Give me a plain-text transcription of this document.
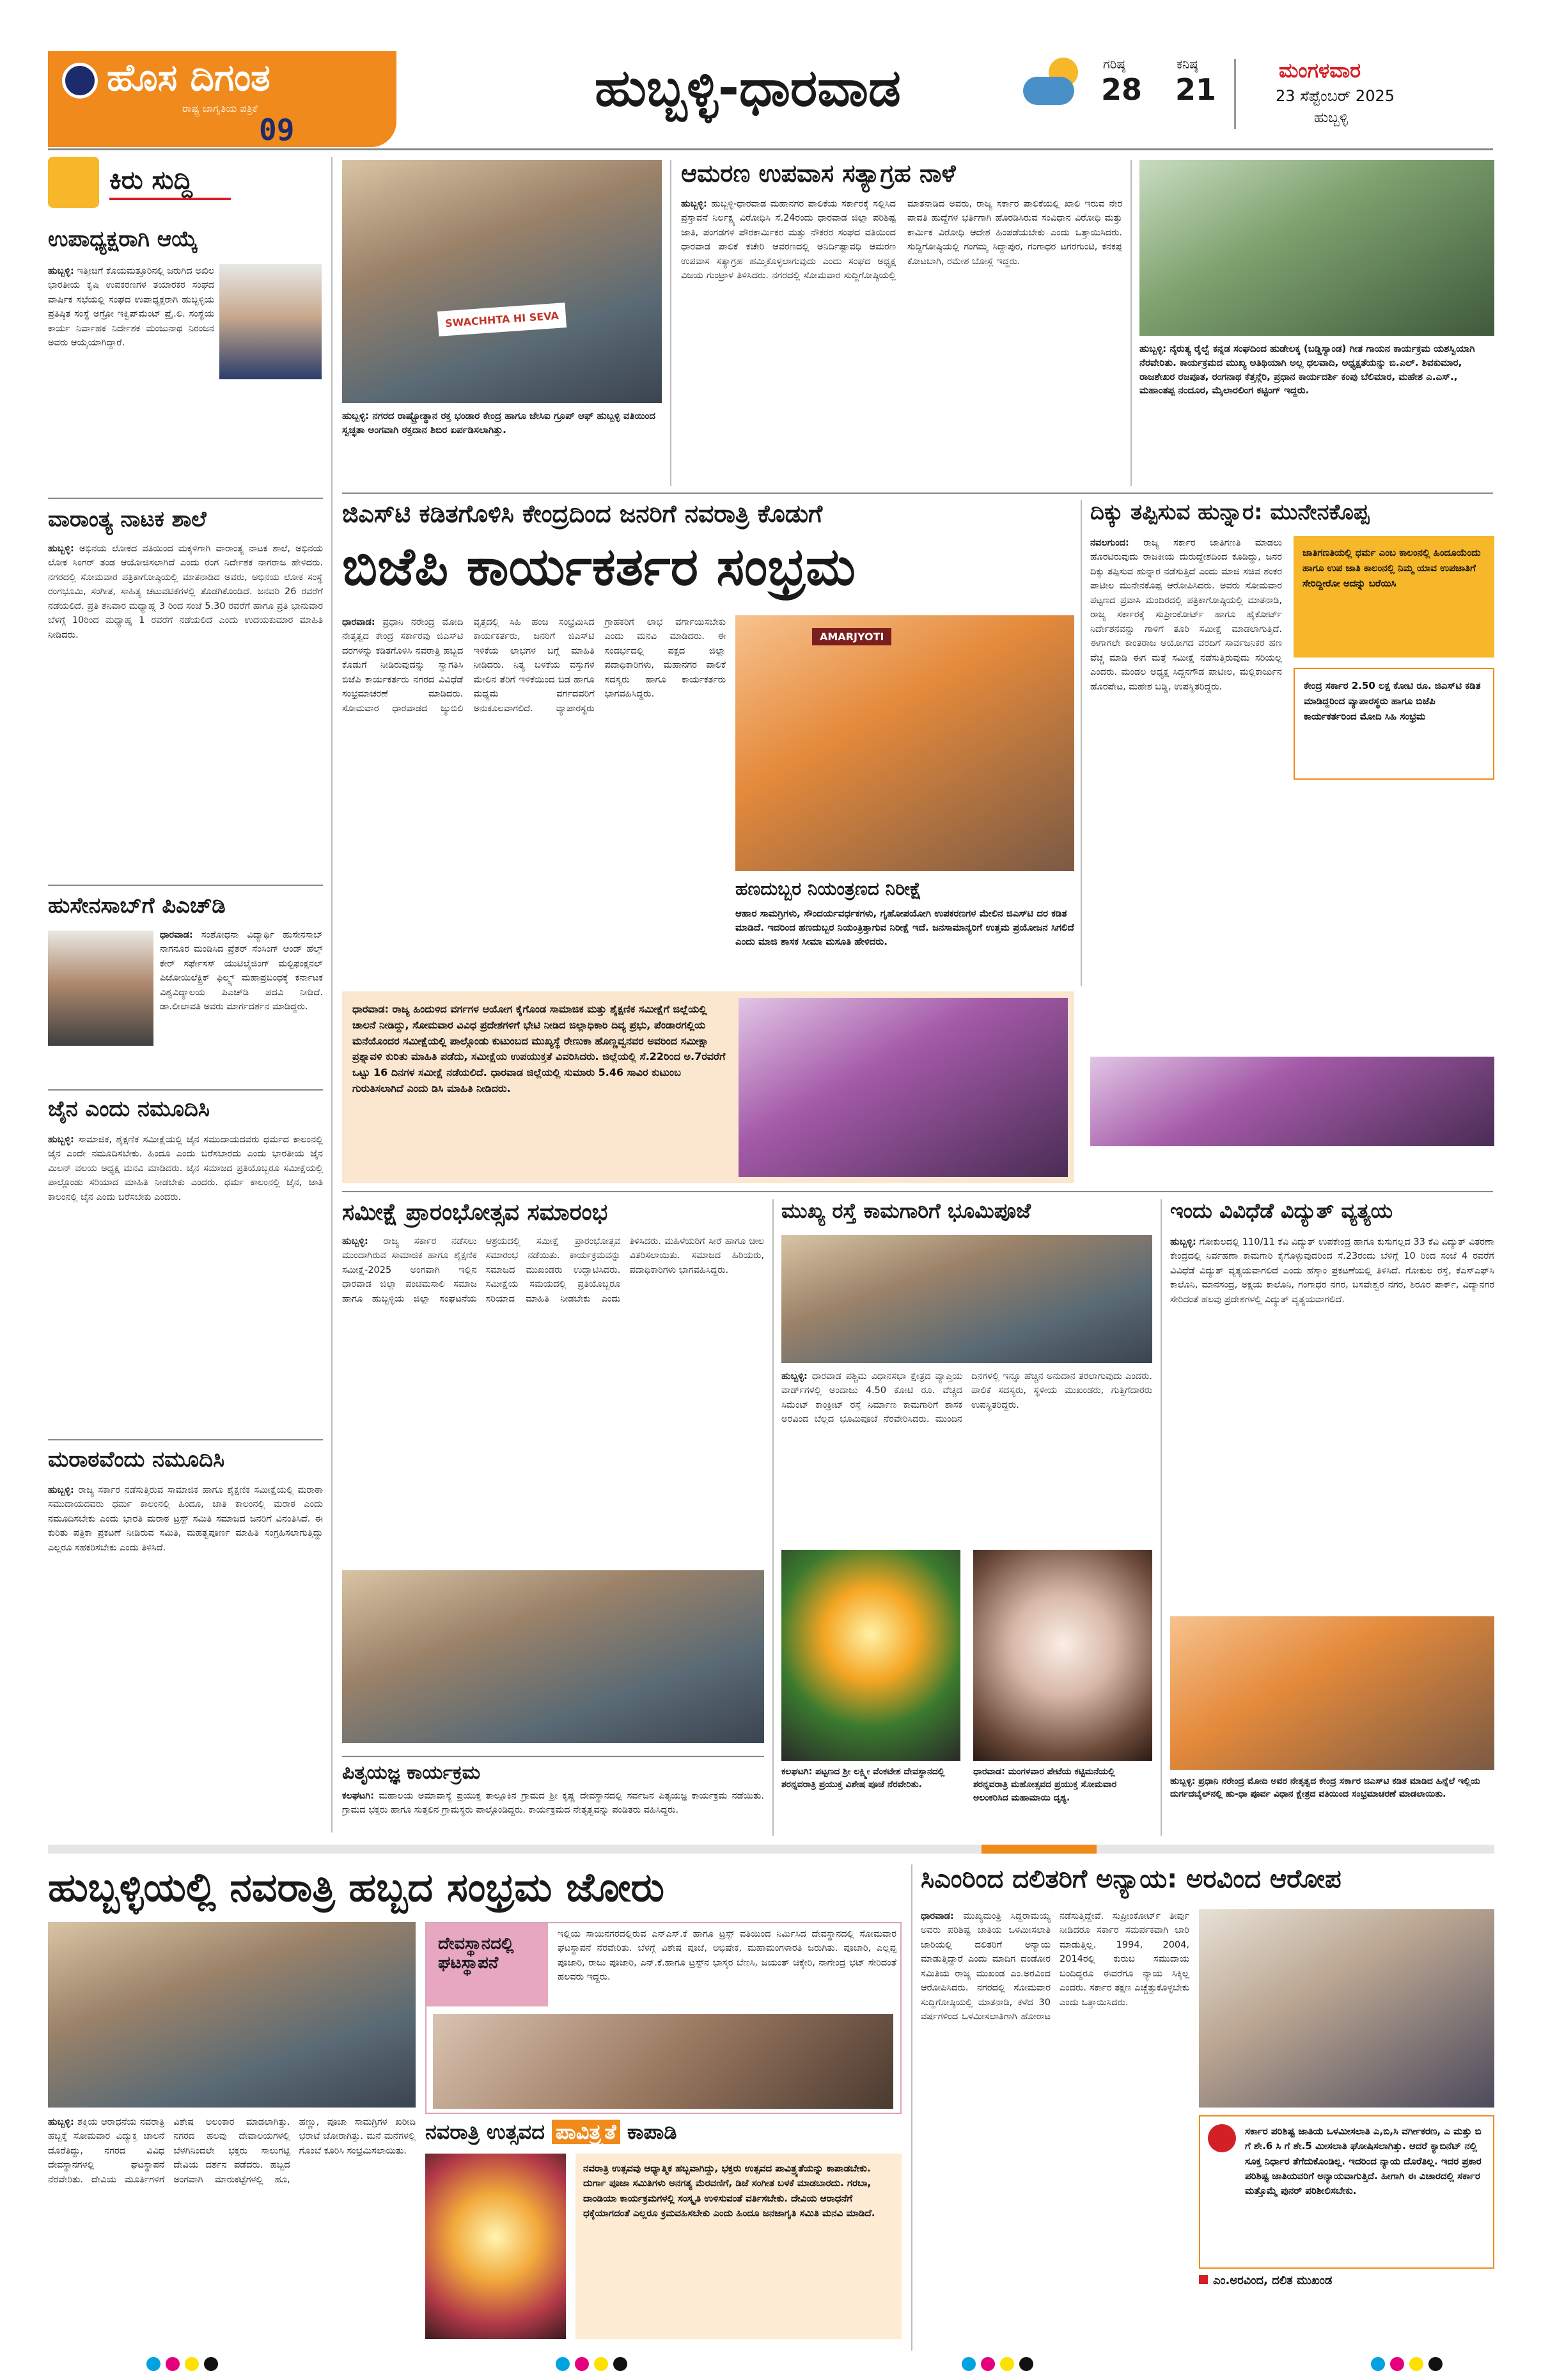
ಹೊಸ ದಿಗಂತ
ರಾಷ್ಟ್ರ ಜಾಗೃತಿಯ ಪತ್ರಿಕೆ
09
ಹುಬ್ಬಳ್ಳಿ-ಧಾರವಾಡ	ಗರಿಷ್ಠ
28
ಕನಿಷ್ಠ
21
ಮಂಗಳವಾರ
23 ಸೆಪ್ಟೆಂಬರ್ 2025
ಹುಬ್ಬಳ್ಳಿ
ಕಿರು ಸುದ್ದಿ
ಉಪಾಧ್ಯಕ್ಷರಾಗಿ ಆಯ್ಕೆ
ಹುಬ್ಬಳ್ಳಿ: ಇತ್ತೀಚಿಗೆ ಕೊಯಮತ್ತೂರಿನಲ್ಲಿ ಜರುಗಿದ ಅಖಿಲ ಭಾರತೀಯ ಕೃಷಿ ಉಪಕರಣಗಳ ತಯಾರಕರ ಸಂಘದ ವಾರ್ಷಿಕ ಸಭೆಯಲ್ಲಿ ಸಂಘದ ಉಪಾಧ್ಯಕ್ಷರಾಗಿ ಹುಬ್ಬಳ್ಳಿಯ ಪ್ರತಿಷ್ಠಿತ ಸಂಸ್ಥೆ ಅಗ್ರೋ ಇಕ್ವಿಪ್‌ಮೆಂಟ್ ಪ್ರೈ.ಲಿ. ಸಂಸ್ಥೆಯ ಕಾರ್ಯ ನಿರ್ವಾಹಕ ನಿರ್ದೇಶಕ ಮಂಜುನಾಥ ನಿರಂಜನ ಅವರು ಆಯ್ಕೆಯಾಗಿದ್ದಾರೆ.
ವಾರಾಂತ್ಯ ನಾಟಕ ಶಾಲೆ
ಹುಬ್ಬಳ್ಳಿ: ಅಭಿನಯ ಲೋಕದ ವತಿಯಿಂದ ಮಕ್ಕಳಿಗಾಗಿ ವಾರಾಂತ್ಯ ನಾಟಕ ಶಾಲೆ, ಅಭಿನಯ ಲೋಕ ಸಿಂಗರ್ ತಂಡ ಆಯೋಜಿಸಲಾಗಿದೆ ಎಂದು ರಂಗ ನಿರ್ದೇಶಕ ನಾಗರಾಜ ಹೇಳಿದರು. ನಗರದಲ್ಲಿ ಸೋಮವಾರ ಪತ್ರಿಕಾಗೋಷ್ಠಿಯಲ್ಲಿ ಮಾತನಾಡಿದ ಅವರು, ಅಭಿನಯ ಲೋಕ ಸಂಸ್ಥೆ ರಂಗಭೂಮಿ, ಸಂಗೀತ, ಸಾಹಿತ್ಯ ಚಟುವಟಿಕೆಗಳಲ್ಲಿ ತೊಡಗಿಕೊಂಡಿದೆ. ಜನವರಿ 26 ರವರೆಗೆ ನಡೆಯಲಿದೆ. ಪ್ರತಿ ಶನಿವಾರ ಮಧ್ಯಾಹ್ನ 3 ರಿಂದ ಸಂಜೆ 5.30 ರವರೆಗೆ ಹಾಗೂ ಪ್ರತಿ ಭಾನುವಾರ ಬೆಳಗ್ಗೆ 10ರಿಂದ ಮಧ್ಯಾಹ್ನ 1 ರವರೆಗೆ ನಡೆಯಲಿದೆ ಎಂದು ಉದಯಕುಮಾರ ಮಾಹಿತಿ ನೀಡಿದರು.
ಹುಸೇನಸಾಬ್‌ಗೆ ಪಿಎಚ್‌ಡಿ
ಧಾರವಾಡ: ಸಂಶೋಧನಾ ವಿದ್ಯಾರ್ಥಿ ಹುಸೇನಸಾಬ್ ನಾಗನೂರ ಮಂಡಿಸಿದ ಪ್ರೆಶರ್ ಸೆಂಸಿಂಗ್ ಆಂಡ್ ಹೆಲ್ತ್ ಕೇರ್ ಸರ್ಫೇಸಸ್ ಯುಟಿಲೈಜಿಂಗ್ ಮಲ್ಟಿಫಂಕ್ಷನಲ್ ಪಿಜೋಯಿಲೆಕ್ಟ್ರಿಕ್ ಫಿಲ್ಮ್ಸ್ ಮಹಾಪ್ರಬಂಧಕ್ಕೆ ಕರ್ನಾಟಕ ವಿಶ್ವವಿದ್ಯಾಲಯ ಪಿಎಚ್‌ಡಿ ಪದವಿ ನೀಡಿದೆ. ಡಾ.ಲೀಲಾವತಿ ಅವರು ಮಾರ್ಗದರ್ಶನ ಮಾಡಿದ್ದರು.
ಜೈನ ಎಂದು ನಮೂದಿಸಿ
ಹುಬ್ಬಳ್ಳಿ: ಸಾಮಾಜಿಕ, ಶೈಕ್ಷಣಿಕ ಸಮೀಕ್ಷೆಯಲ್ಲಿ ಜೈನ ಸಮುದಾಯದವರು ಧರ್ಮದ ಕಾಲಂನಲ್ಲಿ ಜೈನ ಎಂದೇ ನಮೂದಿಸಬೇಕು. ಹಿಂದೂ ಎಂದು ಬರೆಸಬಾರದು ಎಂದು ಭಾರತೀಯ ಜೈನ ಮಿಲನ್ ವಲಯ ಅಧ್ಯಕ್ಷ ಮನವಿ ಮಾಡಿದರು. ಜೈನ ಸಮಾಜದ ಪ್ರತಿಯೊಬ್ಬರೂ ಸಮೀಕ್ಷೆಯಲ್ಲಿ ಪಾಲ್ಗೊಂಡು ಸರಿಯಾದ ಮಾಹಿತಿ ನೀಡಬೇಕು ಎಂದರು. ಧರ್ಮ ಕಾಲಂನಲ್ಲಿ ಜೈನ, ಜಾತಿ ಕಾಲಂನಲ್ಲಿ ಜೈನ ಎಂದು ಬರೆಸಬೇಕು ಎಂದರು.
ಮರಾಠವೆಂದು ನಮೂದಿಸಿ
ಹುಬ್ಬಳ್ಳಿ: ರಾಜ್ಯ ಸರ್ಕಾರ ನಡೆಸುತ್ತಿರುವ ಸಾಮಾಜಿಕ ಹಾಗೂ ಶೈಕ್ಷಣಿಕ ಸಮೀಕ್ಷೆಯಲ್ಲಿ ಮರಾಠಾ ಸಮುದಾಯದವರು ಧರ್ಮ ಕಾಲಂನಲ್ಲಿ ಹಿಂದೂ, ಜಾತಿ ಕಾಲಂನಲ್ಲಿ ಮರಾಠ ಎಂದು ನಮೂದಿಸಬೇಕು ಎಂದು ಭಾರತಿ ಮರಾಠ ಟ್ರಸ್ಟ್ ಸಮಿತಿ ಸಮಾಜದ ಜನರಿಗೆ ವಿನಂತಿಸಿದೆ. ಈ ಕುರಿತು ಪತ್ರಿಕಾ ಪ್ರಕಟಣೆ ನೀಡಿರುವ ಸಮಿತಿ, ಮಹತ್ವಪೂರ್ಣ ಮಾಹಿತಿ ಸಂಗ್ರಹಿಸಲಾಗುತ್ತಿದ್ದು ಎಲ್ಲರೂ ಸಹಕರಿಸಬೇಕು ಎಂದು ತಿಳಿಸಿದೆ.
SWACHHTA HI SEVA
ಹುಬ್ಬಳ್ಳಿ: ನಗರದ ರಾಷ್ಟ್ರೋತ್ಥಾನ ರಕ್ತ ಭಂಡಾರ ಕೇಂದ್ರ ಹಾಗೂ ಜೇಸಿಐ ಗ್ರೂಪ್ ಆಫ್ ಹುಬ್ಬಳ್ಳಿ ವತಿಯಿಂದ ಸ್ವಚ್ಛತಾ ಅಂಗವಾಗಿ ರಕ್ತದಾನ ಶಿಬಿರ ಏರ್ಪಡಿಸಲಾಗಿತ್ತು.
ಆಮರಣ ಉಪವಾಸ ಸತ್ಯಾಗ್ರಹ ನಾಳೆ
ಹುಬ್ಬಳ್ಳಿ: ಹುಬ್ಬಳ್ಳಿ-ಧಾರವಾಡ ಮಹಾನಗರ ಪಾಲಿಕೆಯ ಸರ್ಕಾರಕ್ಕೆ ಸಲ್ಲಿಸಿದ ಪ್ರಸ್ತಾವನೆ ನಿರ್ಲಕ್ಷ್ಯ ವಿರೋಧಿಸಿ ಸೆ.24ರಂದು ಧಾರವಾಡ ಜಿಲ್ಲಾ ಪರಿಶಿಷ್ಟ ಜಾತಿ, ಪಂಗಡಗಳ ಪೌರಕಾರ್ಮಿಕರ ಮತ್ತು ನೌಕರರ ಸಂಘದ ವತಿಯಿಂದ ಧಾರವಾಡ ಪಾಲಿಕೆ ಕಚೇರಿ ಆವರಣದಲ್ಲಿ ಅನಿರ್ದಿಷ್ಟಾವಧಿ ಆಮರಣ ಉಪವಾಸ ಸತ್ಯಾಗ್ರಹ ಹಮ್ಮಿಕೊಳ್ಳಲಾಗುವುದು ಎಂದು ಸಂಘದ ಅಧ್ಯಕ್ಷ ವಿಜಯ ಗುಂಟ್ರಾಳ ತಿಳಿಸಿದರು. ನಗರದಲ್ಲಿ ಸೋಮವಾರ ಸುದ್ದಿಗೋಷ್ಠಿಯಲ್ಲಿ ಮಾತನಾಡಿದ ಅವರು, ರಾಜ್ಯ ಸರ್ಕಾರ ಪಾಲಿಕೆಯಲ್ಲಿ ಖಾಲಿ ಇರುವ ನೇರ ಪಾವತಿ ಹುದ್ದೆಗಳ ಭರ್ತಿಗಾಗಿ ಹೊರಡಿಸಿರುವ ಸಂವಿಧಾನ ವಿರೋಧಿ ಮತ್ತು ಕಾರ್ಮಿಕ ವಿರೋಧಿ ಆದೇಶ ಹಿಂಪಡೆಯಬೇಕು ಎಂದು ಒತ್ತಾಯಿಸಿದರು. ಸುದ್ದಿಗೋಷ್ಠಿಯಲ್ಲಿ ಗಂಗಮ್ಮ ಸಿದ್ದಾಪುರ, ಗಂಗಾಧರ ಟಗರಗುಂಟಿ, ಕನಕಪ್ಪ ಕೋಟಬಾಗಿ, ರಮೇಶ ಬೋಸ್ಲೆ ಇದ್ದರು.
ಹುಬ್ಬಳ್ಳಿ: ನೈರುತ್ಯ ರೈಲ್ವೆ ಕನ್ನಡ ಸಂಘದಿಂದ ಹುಡೇಲಕ್ಕ (ಬಡ್ಡಿಸ್ಯಾಂಡ) ಗೀತ ಗಾಯನ ಕಾರ್ಯಕ್ರಮ ಯಶಸ್ವಿಯಾಗಿ ನೆರವೇರಿತು. ಕಾರ್ಯಕ್ರಮದ ಮುಖ್ಯ ಅತಿಥಿಯಾಗಿ ಅಲ್ಲ ಧಲವಾದಿ, ಅಧ್ಯಕ್ಷತೆಯನ್ನು ಬಿ.ಎಲ್. ಶಿವಕುಮಾರ, ರಾಜಶೇಖರ ರಜಪೂತ, ರಂಗನಾಥ ಕೆತ್ತನ್ಗೆರಿ, ಪ್ರಧಾನ ಕಾರ್ಯದರ್ಶಿ ಕಂಪು ಬೆಲಿಮಾರ, ಮಹೇಶ ಎ.ಎಸ್., ಮಹಾಂತಪ್ಪ ನಂದೂರ, ಮೈಲಾರಲಿಂಗ ಕಟ್ಟಿಂಗ್ ಇದ್ದರು.
ಜಿಎಸ್‌ಟಿ ಕಡಿತಗೊಳಿಸಿ ಕೇಂದ್ರದಿಂದ ಜನರಿಗೆ ನವರಾತ್ರಿ ಕೊಡುಗೆ
ಬಿಜೆಪಿ ಕಾರ್ಯಕರ್ತರ ಸಂಭ್ರಮ
ಧಾರವಾಡ: ಪ್ರಧಾನಿ ನರೇಂದ್ರ ಮೋದಿ ನೇತೃತ್ವದ ಕೇಂದ್ರ ಸರ್ಕಾರವು ಜಿಎಸ್‌ಟಿ ದರಗಳನ್ನು ಕಡಿತಗೊಳಿಸಿ ನವರಾತ್ರಿ ಹಬ್ಬದ ಕೊಡುಗೆ ನೀಡಿರುವುದನ್ನು ಸ್ವಾಗತಿಸಿ ಬಿಜೆಪಿ ಕಾರ್ಯಕರ್ತರು ನಗರದ ವಿವಿಧೆಡೆ ಸಂಭ್ರಮಾಚರಣೆ ಮಾಡಿದರು. ಸೋಮವಾರ ಧಾರವಾಡದ ಜ್ಯುಬಿಲಿ ವೃತ್ತದಲ್ಲಿ ಸಿಹಿ ಹಂಚಿ ಸಂಭ್ರಮಿಸಿದ ಕಾರ್ಯಕರ್ತರು, ಜನರಿಗೆ ಜಿಎಸ್‌ಟಿ ಇಳಿಕೆಯ ಲಾಭಗಳ ಬಗ್ಗೆ ಮಾಹಿತಿ ನೀಡಿದರು. ನಿತ್ಯ ಬಳಕೆಯ ವಸ್ತುಗಳ ಮೇಲಿನ ತೆರಿಗೆ ಇಳಿಕೆಯಿಂದ ಬಡ ಹಾಗೂ ಮಧ್ಯಮ ವರ್ಗದವರಿಗೆ ಅನುಕೂಲವಾಗಲಿದೆ. ವ್ಯಾಪಾರಸ್ಥರು ಗ್ರಾಹಕರಿಗೆ ಲಾಭ ವರ್ಗಾಯಿಸಬೇಕು ಎಂದು ಮನವಿ ಮಾಡಿದರು. ಈ ಸಂದರ್ಭದಲ್ಲಿ ಪಕ್ಷದ ಜಿಲ್ಲಾ ಪದಾಧಿಕಾರಿಗಳು, ಮಹಾನಗರ ಪಾಲಿಕೆ ಸದಸ್ಯರು ಹಾಗೂ ಕಾರ್ಯಕರ್ತರು ಭಾಗವಹಿಸಿದ್ದರು.
AMARJYOTI
ಹಣದುಬ್ಬರ ನಿಯಂತ್ರಣದ ನಿರೀಕ್ಷೆ
ಆಹಾರ ಸಾಮಗ್ರಿಗಳು, ಸೌಂದರ್ಯವರ್ಧಕಗಳು, ಗೃಹೋಪಯೋಗಿ ಉಪಕರಣಗಳ ಮೇಲಿನ ಜಿಎಸ್‌ಟಿ ದರ ಕಡಿತ ಮಾಡಿದೆ. ಇದರಿಂದ ಹಣದುಬ್ಬರ ನಿಯಂತ್ರಿತ್ತಾಗುವ ನಿರೀಕ್ಷೆ ಇದೆ. ಜನಸಾಮಾನ್ಯರಿಗೆ ಉತ್ತಮ ಪ್ರಯೋಜನ ಸಿಗಲಿದೆ ಎಂದು ಮಾಜಿ ಶಾಸಕ ಸೀಮಾ ಮಸೂತಿ ಹೇಳಿದರು.
ದಿಕ್ಕು ತಪ್ಪಿಸುವ ಹುನ್ನಾರ: ಮುನೇನಕೊಪ್ಪ
ನವಲಗುಂದ: ರಾಜ್ಯ ಸರ್ಕಾರ ಜಾತಿಗಣತಿ ಮಾಡಲು ಹೊರಟಿರುವುದು ರಾಜಕೀಯ ದುರುದ್ದೇಶದಿಂದ ಕೂಡಿದ್ದು, ಜನರ ದಿಕ್ಕು ತಪ್ಪಿಸುವ ಹುನ್ನಾರ ನಡೆಸುತ್ತಿದೆ ಎಂದು ಮಾಜಿ ಸಚಿವ ಶಂಕರ ಪಾಟೀಲ ಮುನೇನಕೊಪ್ಪ ಆರೋಪಿಸಿದರು. ಅವರು ಸೋಮವಾರ ಪಟ್ಟಣದ ಪ್ರವಾಸಿ ಮಂದಿರದಲ್ಲಿ ಪತ್ರಿಕಾಗೋಷ್ಠಿಯಲ್ಲಿ ಮಾತನಾಡಿ, ರಾಜ್ಯ ಸರ್ಕಾರಕ್ಕೆ ಸುಪ್ರೀಂಕೋರ್ಟ್ ಹಾಗೂ ಹೈಕೋರ್ಟ್ ನಿರ್ದೇಶನವನ್ನು ಗಾಳಿಗೆ ತೂರಿ ಸಮೀಕ್ಷೆ ಮಾಡಲಾಗುತ್ತಿದೆ. ಈಗಾಗಲೇ ಕಾಂತರಾಜ ಆಯೋಗದ ವರದಿಗೆ ಸಾರ್ವಜನಿಕರ ಹಣ ವೆಚ್ಚ ಮಾಡಿ ಈಗ ಮತ್ತೆ ಸಮೀಕ್ಷೆ ನಡೆಸುತ್ತಿರುವುದು ಸರಿಯಲ್ಲ ಎಂದರು. ಮಂಡಲ ಅಧ್ಯಕ್ಷ ಸಿದ್ದನಗೌಡ ಪಾಟೀಲ, ಮಲ್ಲಿಕಾರ್ಜುನ ಹೊರಪೇಟ, ಮಹೇಶ ಬಡ್ಡಿ, ಉಪಸ್ಥಿತರಿದ್ದರು.
ಜಾತಿಗಣತಿಯಲ್ಲಿ ಧರ್ಮ ಎಂಬ ಕಾಲಂನಲ್ಲಿ ಹಿಂದೂಯೆಂದು ಹಾಗೂ ಉಪ ಜಾತಿ ಕಾಲಂನಲ್ಲಿ ನಿಮ್ಮ ಯಾವ ಉಪಜಾತಿಗೆ ಸೇರಿದ್ದೀರೋ ಅದನ್ನು ಬರೆಯಿಸಿ
ಕೇಂದ್ರ ಸರ್ಕಾರ 2.50 ಲಕ್ಷ ಕೋಟಿ ರೂ. ಜಿಎಸ್‌ಟಿ ಕಡಿತ ಮಾಡಿದ್ದರಿಂದ ವ್ಯಾಪಾರಸ್ಥರು ಹಾಗೂ ಬಿಜೆಪಿ ಕಾರ್ಯಕರ್ತರಿಂದ ಮೋದಿ ಸಿಹಿ ಸಂಭ್ರಮ
ಧಾರವಾಡ: ರಾಜ್ಯ ಹಿಂದುಳಿದ ವರ್ಗಗಳ ಆಯೋಗ ಕೈಗೊಂಡ ಸಾಮಾಜಿಕ ಮತ್ತು ಶೈಕ್ಷಣಿಕ ಸಮೀಕ್ಷೆಗೆ ಜಿಲ್ಲೆಯಲ್ಲಿ ಚಾಲನೆ ನೀಡಿದ್ದು, ಸೋಮವಾರ ವಿವಿಧ ಪ್ರದೇಶಗಳಿಗೆ ಭೇಟಿ ನೀಡಿದ ಜಿಲ್ಲಾಧಿಕಾರಿ ದಿವ್ಯ ಪ್ರಭು, ಪೆಂಡಾರಗಲ್ಲಿಯ ಮನೆಯೊಂದರ ಸಮೀಕ್ಷೆಯಲ್ಲಿ ಪಾಲ್ಗೊಂಡು ಕುಟುಂಬದ ಮುಖ್ಯಸ್ಥೆ ರೇಣುಕಾ ಹೊಣ್ಣವ್ವನವರ ಅವರಿಂದ ಸಮೀಕ್ಷಾ ಪ್ರಶ್ನಾವಳಿ ಕುರಿತು ಮಾಹಿತಿ ಪಡೆದು, ಸಮೀಕ್ಷೆಯ ಉಪಯುಕ್ತತೆ ವಿವರಿಸಿದರು. ಜಿಲ್ಲೆಯಲ್ಲಿ ಸೆ.22ರಿಂದ ಅ.7ರವರೆಗೆ ಒಟ್ಟು 16 ದಿನಗಳ ಸಮೀಕ್ಷೆ ನಡೆಯಲಿದೆ. ಧಾರವಾಡ ಜಿಲ್ಲೆಯಲ್ಲಿ ಸುಮಾರು 5.46 ಸಾವಿರ ಕುಟುಂಬ ಗುರುತಿಸಲಾಗಿದೆ ಎಂದು ಡಿಸಿ ಮಾಹಿತಿ ನೀಡಿದರು.
ಸಮೀಕ್ಷೆ ಪ್ರಾರಂಭೋತ್ಸವ ಸಮಾರಂಭ
ಹುಬ್ಬಳ್ಳಿ: ರಾಜ್ಯ ಸರ್ಕಾರ ನಡೆಸಲು ಮುಂದಾಗಿರುವ ಸಾಮಾಜಿಕ ಹಾಗೂ ಶೈಕ್ಷಣಿಕ ಸಮೀಕ್ಷೆ-2025 ಅಂಗವಾಗಿ ಇಲ್ಲಿನ ಧಾರವಾಡ ಜಿಲ್ಲಾ ಪಂಚಮಸಾಲಿ ಸಮಾಜ ಹಾಗೂ ಹುಬ್ಬಳ್ಳಿಯ ಜಿಲ್ಲಾ ಸಂಘಟನೆಯ ಆಶ್ರಯದಲ್ಲಿ ಸಮೀಕ್ಷೆ ಪ್ರಾರಂಭೋತ್ಸವ ಸಮಾರಂಭ ನಡೆಯಿತು. ಕಾರ್ಯಕ್ರಮವನ್ನು ಸಮಾಜದ ಮುಖಂಡರು ಉದ್ಘಾಟಿಸಿದರು. ಸಮೀಕ್ಷೆಯ ಸಮಯದಲ್ಲಿ ಪ್ರತಿಯೊಬ್ಬರೂ ಸರಿಯಾದ ಮಾಹಿತಿ ನೀಡಬೇಕು ಎಂದು ತಿಳಿಸಿದರು. ಮಹಿಳೆಯರಿಗೆ ಸೀರೆ ಹಾಗೂ ಚೀಲ ವಿತರಿಸಲಾಯಿತು. ಸಮಾಜದ ಹಿರಿಯರು, ಪದಾಧಿಕಾರಿಗಳು ಭಾಗವಹಿಸಿದ್ದರು.
ಪಿತೃಯಜ್ಞ ಕಾರ್ಯಕ್ರಮ
ಕಲಘಟಗಿ: ಮಹಾಲಯ ಅಮಾವಾಸ್ಯೆ ಪ್ರಯುಕ್ತ ತಾಲ್ಲೂಕಿನ ಗ್ರಾಮದ ಶ್ರೀ ಕೃಷ್ಣ ದೇವಸ್ಥಾನದಲ್ಲಿ ಸರ್ವಜನ ಪಿತೃಯಜ್ಞ ಕಾರ್ಯಕ್ರಮ ನಡೆಯಿತು. ಗ್ರಾಮದ ಭಕ್ತರು ಹಾಗೂ ಸುತ್ತಲಿನ ಗ್ರಾಮಸ್ಥರು ಪಾಲ್ಗೊಂಡಿದ್ದರು. ಕಾರ್ಯಕ್ರಮದ ನೇತೃತ್ವವನ್ನು ಪಂಡಿತರು ವಹಿಸಿದ್ದರು.
ಮುಖ್ಯ ರಸ್ತೆ ಕಾಮಗಾರಿಗೆ ಭೂಮಿಪೂಜೆ
ಹುಬ್ಬಳ್ಳಿ: ಧಾರವಾಡ ಪಶ್ಚಿಮ ವಿಧಾನಸಭಾ ಕ್ಷೇತ್ರದ ವ್ಯಾಪ್ತಿಯ ವಾರ್ಡ್‌ಗಳಲ್ಲಿ ಅಂದಾಜು 4.50 ಕೋಟಿ ರೂ. ವೆಚ್ಚದ ಸಿಮೆಂಟ್ ಕಾಂಕ್ರೀಟ್ ರಸ್ತೆ ನಿರ್ಮಾಣ ಕಾಮಗಾರಿಗೆ ಶಾಸಕ ಅರವಿಂದ ಬೆಲ್ಲದ ಭೂಮಿಪೂಜೆ ನೆರವೇರಿಸಿದರು. ಮುಂದಿನ ದಿನಗಳಲ್ಲಿ ಇನ್ನೂ ಹೆಚ್ಚಿನ ಅನುದಾನ ತರಲಾಗುವುದು ಎಂದರು. ಪಾಲಿಕೆ ಸದಸ್ಯರು, ಸ್ಥಳೀಯ ಮುಖಂಡರು, ಗುತ್ತಿಗೆದಾರರು ಉಪಸ್ಥಿತರಿದ್ದರು.
ಕಲಘಟಗಿ: ಪಟ್ಟಣದ ಶ್ರೀ ಲಕ್ಷ್ಮೀ ವೆಂಕಟೇಶ ದೇವಸ್ಥಾನದಲ್ಲಿ ಶರನ್ನವರಾತ್ರಿ ಪ್ರಯುಕ್ತ ವಿಶೇಷ ಪೂಜೆ ನೆರವೇರಿತು.
ಧಾರವಾಡ: ಮಂಗಳವಾರ ಪೇಟೆಯ ಕಟ್ಟಿಮನೆಯಲ್ಲಿ ಶರನ್ನವರಾತ್ರಿ ಮಹೋತ್ಸವದ ಪ್ರಯುಕ್ತ ಸೋಮವಾರ ಅಲಂಕರಿಸಿದ ಮಹಾಮಾಯಿ ದೃಶ್ಯ.
ಇಂದು ವಿವಿಧೆಡೆ ವಿದ್ಯುತ್ ವ್ಯತ್ಯಯ
ಹುಬ್ಬಳ್ಳಿ: ಗೋಕುಲದಲ್ಲಿ 110/11 ಕೆವಿ ವಿದ್ಯುತ್ ಉಪಕೇಂದ್ರ ಹಾಗೂ ಕುಸುಗಲ್ಲದ 33 ಕೆವಿ ವಿದ್ಯುತ್ ವಿತರಣಾ ಕೇಂದ್ರದಲ್ಲಿ ನಿರ್ವಹಣಾ ಕಾಮಗಾರಿ ಕೈಗೊಳ್ಳುವುದರಿಂದ ಸೆ.23ರಂದು ಬೆಳಿಗ್ಗೆ 10 ರಿಂದ ಸಂಜೆ 4 ರವರೆಗೆ ವಿವಿಧೆಡೆ ವಿದ್ಯುತ್ ವ್ಯತ್ಯಯವಾಗಲಿದೆ ಎಂದು ಹೆಸ್ಕಾಂ ಪ್ರಕಟಣೆಯಲ್ಲಿ ತಿಳಿಸಿದೆ. ಗೋಕುಲ ರಸ್ತೆ, ಕೆಎಸ್‌ಎಫ್‌ಸಿ ಕಾಲೊನಿ, ಮಾನಸಂದ್ರ, ಅಕ್ಷಯ ಕಾಲೊನಿ, ಗಂಗಾಧರ ನಗರ, ಬಸವೇಶ್ವರ ನಗರ, ಶಿರೂರ ಪಾರ್ಕ್, ವಿದ್ಯಾನಗರ ಸೇರಿದಂತೆ ಹಲವು ಪ್ರದೇಶಗಳಲ್ಲಿ ವಿದ್ಯುತ್ ವ್ಯತ್ಯಯವಾಗಲಿದೆ.
ಹುಬ್ಬಳ್ಳಿ: ಪ್ರಧಾನಿ ನರೇಂದ್ರ ಮೋದಿ ಅವರ ನೇತೃತ್ವದ ಕೇಂದ್ರ ಸರ್ಕಾರ ಜಿಎಸ್‌ಟಿ ಕಡಿತ ಮಾಡಿದ ಹಿನ್ನೆಲೆ ಇಲ್ಲಿಯ ದುರ್ಗದಬೈಲ್‌ನಲ್ಲಿ ಹು-ಧಾ ಪೂರ್ವ ವಿಧಾನ ಕ್ಷೇತ್ರದ ವತಿಯಿಂದ ಸಂಭ್ರಮಾಚರಣೆ ಮಾಡಲಾಯಿತು.
ಹುಬ್ಬಳ್ಳಿಯಲ್ಲಿ ನವರಾತ್ರಿ ಹಬ್ಬದ ಸಂಭ್ರಮ ಜೋರು
ಹುಬ್ಬಳ್ಳಿ: ಶಕ್ತಿಯ ಆರಾಧನೆಯ ನವರಾತ್ರಿ ಹಬ್ಬಕ್ಕೆ ಸೋಮವಾರ ವಿದ್ಯುಕ್ತ ಚಾಲನೆ ದೊರೆತಿದ್ದು, ನಗರದ ವಿವಿಧ ದೇವಸ್ಥಾನಗಳಲ್ಲಿ ಘಟಸ್ಥಾಪನೆ ನೆರವೇರಿತು. ದೇವಿಯ ಮೂರ್ತಿಗಳಿಗೆ ವಿಶೇಷ ಅಲಂಕಾರ ಮಾಡಲಾಗಿತ್ತು. ನಗರದ ಹಲವು ದೇವಾಲಯಗಳಲ್ಲಿ ಬೆಳಗಿನಿಂದಲೇ ಭಕ್ತರು ಸಾಲುಗಟ್ಟಿ ದೇವಿಯ ದರ್ಶನ ಪಡೆದರು. ಹಬ್ಬದ ಅಂಗವಾಗಿ ಮಾರುಕಟ್ಟೆಗಳಲ್ಲಿ ಹೂ, ಹಣ್ಣು, ಪೂಜಾ ಸಾಮಗ್ರಿಗಳ ಖರೀದಿ ಭರಾಟೆ ಜೋರಾಗಿತ್ತು. ಮನೆ ಮನೆಗಳಲ್ಲಿ ಗೊಂಬೆ ಕೂರಿಸಿ ಸಂಭ್ರಮಿಸಲಾಯಿತು.
ದೇವಸ್ಥಾನದಲ್ಲಿ ಘಟಸ್ಥಾಪನೆ
ಇಲ್ಲಿಯ ಸಾಯಿನಗರದಲ್ಲಿರುವ ಎನ್‌ಎಸ್.ಕೆ ಹಾಗೂ ಟ್ರಸ್ಟ್ ವತಿಯಿಂದ ನಿರ್ಮಿಸಿದ ದೇವಸ್ಥಾನದಲ್ಲಿ ಸೋಮವಾರ ಘಟಸ್ಥಾಪನೆ ನೆರವೇರಿತು. ಬೆಳಗ್ಗೆ ವಿಶೇಷ ಪೂಜೆ, ಅಭಿಷೇಕ, ಮಹಾಮಂಗಳಾರತಿ ಜರುಗಿತು. ಪೂಜಾರಿ, ಎಲ್ಲಪ್ಪ ಪೂಜಾರಿ, ರಾಜು ಪೂಜಾರಿ, ಎನ್.ಕೆ.ಹಾಗೂ ಟ್ರಸ್ಟ್‌ನ ಭಾಸ್ಕರ ಬೆಣಸಿ, ಜಯಂತ್ ಚಿಕ್ಕೇರಿ, ನಾಗೇಂದ್ರ ಭಟ್ ಸೇರಿದಂತೆ ಹಲವರು ಇದ್ದರು.
ನವರಾತ್ರಿ ಉತ್ಸವದ ಪಾವಿತ್ರ್ಯತೆ ಕಾಪಾಡಿ
ನವರಾತ್ರಿ ಉತ್ಸವವು ಆಧ್ಯಾತ್ಮಿಕ ಹಬ್ಬವಾಗಿದ್ದು, ಭಕ್ತರು ಉತ್ಸವದ ಪಾವಿತ್ರ್ಯತೆಯನ್ನು ಕಾಪಾಡಬೇಕು. ದುರ್ಗಾ ಪೂಜಾ ಸಮಿತಿಗಳು ಅನಗತ್ಯ ಮೆರವಣಿಗೆ, ಡಿಜೆ ಸಂಗೀತ ಬಳಕೆ ಮಾಡಬಾರದು. ಗರಬಾ, ದಾಂಡಿಯಾ ಕಾರ್ಯಕ್ರಮಗಳಲ್ಲಿ ಸಂಸ್ಕೃತಿ ಉಳಿಸುವಂತೆ ವರ್ತಿಸಬೇಕು. ದೇವಿಯ ಆರಾಧನೆಗೆ ಧಕ್ಕೆಯಾಗದಂತೆ ಎಲ್ಲರೂ ಕ್ರಮವಹಿಸಬೇಕು ಎಂದು ಹಿಂದೂ ಜನಜಾಗೃತಿ ಸಮಿತಿ ಮನವಿ ಮಾಡಿದೆ.
ಸಿಎಂರಿಂದ ದಲಿತರಿಗೆ ಅನ್ಯಾಯ: ಅರವಿಂದ ಆರೋಪ
ಧಾರವಾಡ: ಮುಖ್ಯಮಂತ್ರಿ ಸಿದ್ದರಾಮಯ್ಯ ಅವರು ಪರಿಶಿಷ್ಟ ಜಾತಿಯ ಒಳಮೀಸಲಾತಿ ಜಾರಿಯಲ್ಲಿ ದಲಿತರಿಗೆ ಅನ್ಯಾಯ ಮಾಡುತ್ತಿದ್ದಾರೆ ಎಂದು ಮಾದಿಗ ದಂಡೋರ ಸಮಿತಿಯ ರಾಜ್ಯ ಮುಖಂಡ ಎಂ.ಅರವಿಂದ ಆರೋಪಿಸಿದರು. ನಗರದಲ್ಲಿ ಸೋಮವಾರ ಸುದ್ದಿಗೋಷ್ಠಿಯಲ್ಲಿ ಮಾತನಾಡಿ, ಕಳೆದ 30 ವರ್ಷಗಳಿಂದ ಒಳಮೀಸಲಾತಿಗಾಗಿ ಹೋರಾಟ ನಡೆಸುತ್ತಿದ್ದೇವೆ. ಸುಪ್ರೀಂಕೋರ್ಟ್ ತೀರ್ಪು ನೀಡಿದರೂ ಸರ್ಕಾರ ಸಮರ್ಪಕವಾಗಿ ಜಾರಿ ಮಾಡುತ್ತಿಲ್ಲ. 1994, 2004, 2014ರಲ್ಲಿ ಕುರುಬ ಸಮುದಾಯ ಬಂದಿದ್ದರೂ ಈವರೆಗೂ ನ್ಯಾಯ ಸಿಕ್ಕಿಲ್ಲ ಎಂದರು. ಸರ್ಕಾರ ತಕ್ಷಣ ಎಚ್ಚೆತ್ತುಕೊಳ್ಳಬೇಕು ಎಂದು ಒತ್ತಾಯಿಸಿದರು.
ಸರ್ಕಾರ ಪರಿಶಿಷ್ಟ ಜಾತಿಯ ಒಳಮೀಸಲಾತಿ ಎ,ಬಿ,ಸಿ ವರ್ಗೀಕರಣ, ಎ ಮತ್ತು ಬಿ ಗೆ ಶೇ.6 ಸಿ ಗೆ ಶೇ.5 ಮೀಸಲಾತಿ ಘೋಷಿಸಲಾಗಿತ್ತು. ಆದರೆ ಕ್ಯಾಬಿನೆಟ್ ನಲ್ಲಿ ಸೂಕ್ತ ನಿರ್ಧಾರ ತೆಗೆದುಕೊಂಡಿಲ್ಲ. ಇದರಿಂದ ನ್ಯಾಯ ದೊರೆತಿಲ್ಲ. ಇದರ ಪ್ರಕಾರ ಪರಿಶಿಷ್ಟ ಜಾತಿಯವರಿಗೆ ಅನ್ಯಾಯವಾಗುತ್ತಿದೆ. ಹೀಗಾಗಿ ಈ ವಿಚಾರದಲ್ಲಿ ಸರ್ಕಾರ ಮತ್ತೊಮ್ಮೆ ಪುನರ್ ಪರಿಶೀಲಿಸಬೇಕು.
ಎಂ.ಅರವಿಂದ, ದಲಿತ ಮುಖಂಡ
